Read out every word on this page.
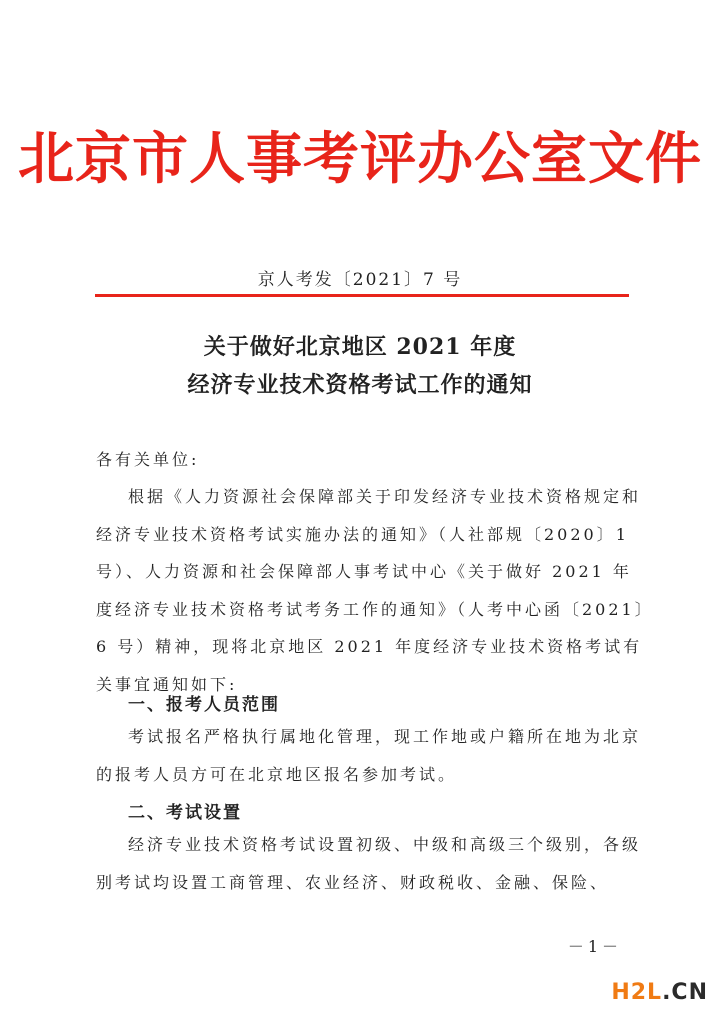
北京市人事考评办公室文件
京人考发〔2021〕7 号
关于做好北京地区 2021 年度
经济专业技术资格考试工作的通知
各有关单位:
根据《人力资源社会保障部关于印发经济专业技术资格规定和经济专业技术资格考试实施办法的通知》（人社部规〔2020〕1 号）、人力资源和社会保障部人事考试中心《关于做好 2021 年度经济专业技术资格考试考务工作的通知》（人考中心函〔2021〕6 号）精神，现将北京地区 2021 年度经济专业技术资格考试有关事宜通知如下:
一、报考人员范围
考试报名严格执行属地化管理，现工作地或户籍所在地为北京的报考人员方可在北京地区报名参加考试。
二、考试设置
经济专业技术资格考试设置初级、中级和高级三个级别，各级别考试均设置工商管理、农业经济、财政税收、金融、保险、
－1－
H2L.CN
